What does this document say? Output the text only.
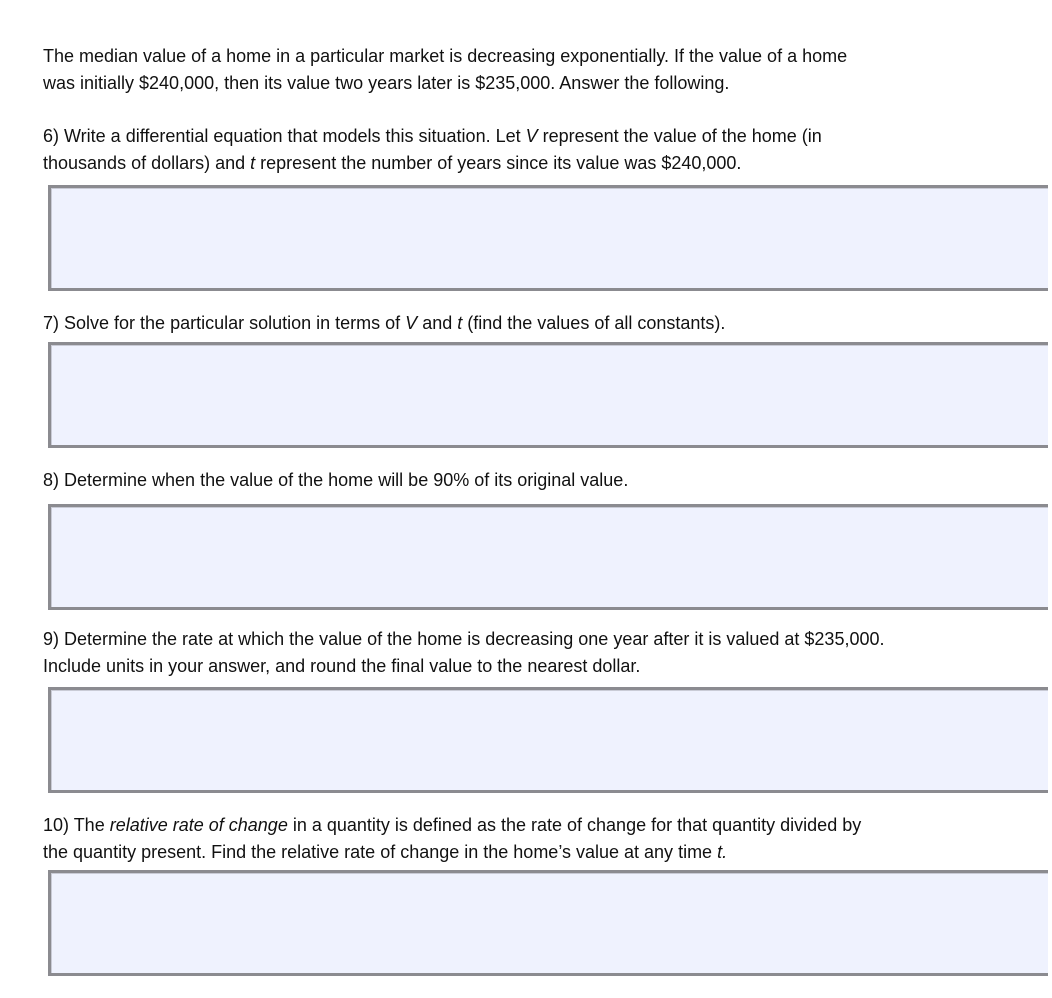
The median value of a home in a particular market is decreasing exponentially. If the value of a home
was initially $240,000, then its value two years later is $235,000. Answer the following.

6) Write a differential equation that models this situation. Let V represent the value of the home (in
thousands of dollars) and t represent the number of years since its value was $240,000.

7) Solve for the particular solution in terms of V and t (find the values of all constants).

8) Determine when the value of the home will be 90% of its original value.

9) Determine the rate at which the value of the home is decreasing one year after it is valued at $235,000.
Include units in your answer, and round the final value to the nearest dollar.

10) The relative rate of change in a quantity is defined as the rate of change for that quantity divided by
the quantity present. Find the relative rate of change in the home’s value at any time t.
